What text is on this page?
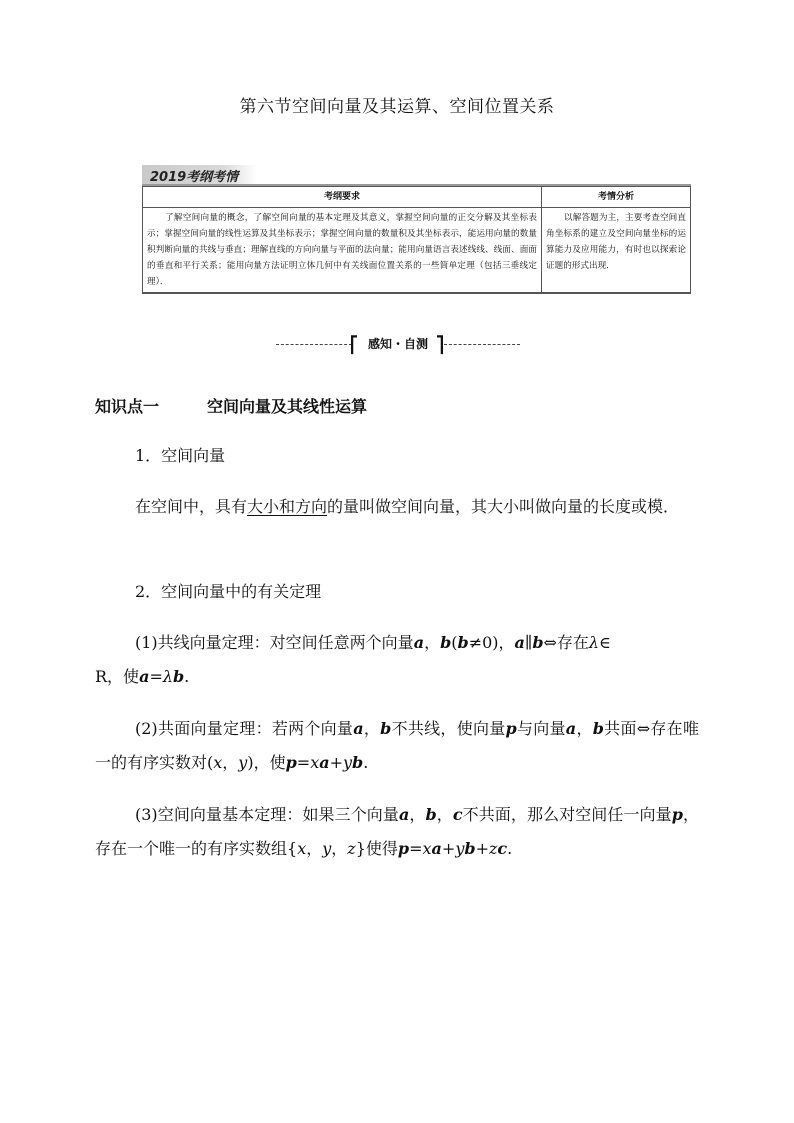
第六节空间向量及其运算、空间位置关系
2019考纲考情
考纲要求	考情分析
了解空间向量的概念，了解空间向量的基本定理及其意义，掌握空间向量的正交分解及其坐标表示；掌握空间向量的线性运算及其坐标表示；掌握空间向量的数量积及其坐标表示，能运用向量的数量积判断向量的共线与垂直；理解直线的方向向量与平面的法向量；能用向量语言表述线线、线面、面面的垂直和平行关系；能用向量方法证明立体几何中有关线面位置关系的一些简单定理（包括三垂线定理）．	以解答题为主，主要考查空间直角坐标系的建立及空间向量坐标的运算能力及应用能力，有时也以探索论证题的形式出现．
⎡ 感知・自测 ⎤
知识点一	空间向量及其线性运算
1．空间向量
在空间中，具有大小和方向的量叫做空间向量，其大小叫做向量的长度或模．
2．空间向量中的有关定理
(1)共线向量定理：对空间任意两个向量a，b(b≠0)，a∥b⇔存在λ∈
R，使a=λb.
(2)共面向量定理：若两个向量a，b不共线，使向量p与向量a，b共面⇔存在唯一的有序实数对(x，y)，使p=xa+yb.
(3)空间向量基本定理：如果三个向量a，b，c不共面，那么对空间任一向量p，存在一个唯一的有序实数组{x，y，z}使得p=xa+yb+zc.
